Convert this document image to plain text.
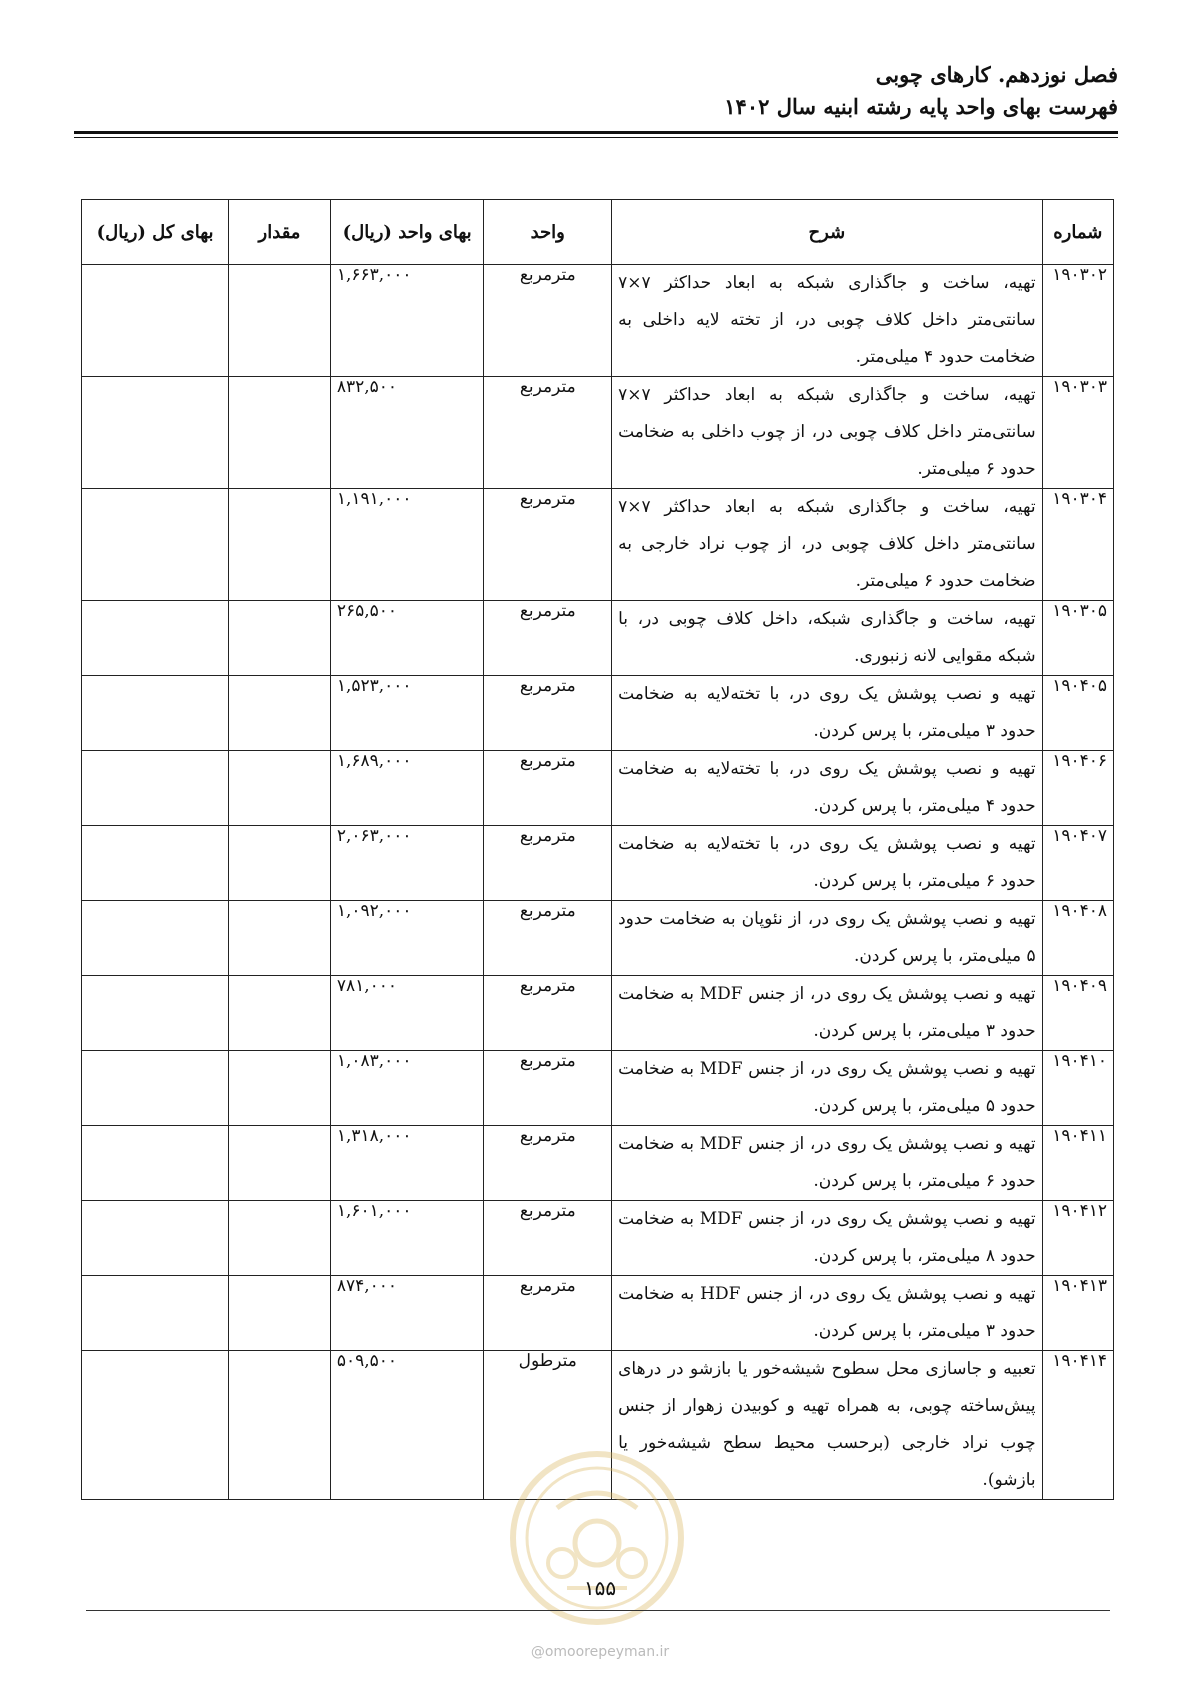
فصل نوزدهم. کارهای چوبی
فهرست بهای واحد پایه رشته ابنیه سال ۱۴۰۲
شماره	شرح	واحد	بهای واحد (ریال)	مقدار	بهای کل (ریال)
۱۹۰۳۰۲	تهیه، ساخت و جاگذاری شبکه به ابعاد حداکثر ۷×۷ سانتی‌متر داخل کلاف چوبی در، از تخته لایه داخلی به ضخامت حدود ۴ میلی‌متر.	مترمربع	۱,۶۶۳,۰۰۰		
۱۹۰۳۰۳	تهیه، ساخت و جاگذاری شبکه به ابعاد حداکثر ۷×۷ سانتی‌متر داخل کلاف چوبی در، از چوب داخلی به ضخامت حدود ۶ میلی‌متر.	مترمربع	۸۳۲,۵۰۰		
۱۹۰۳۰۴	تهیه، ساخت و جاگذاری شبکه به ابعاد حداکثر ۷×۷ سانتی‌متر داخل کلاف چوبی در، از چوب نراد خارجی به ضخامت حدود ۶ میلی‌متر.	مترمربع	۱,۱۹۱,۰۰۰		
۱۹۰۳۰۵	تهیه، ساخت و جاگذاری شبکه، داخل کلاف چوبی در، با شبکه مقوایی لانه زنبوری.	مترمربع	۲۶۵,۵۰۰		
۱۹۰۴۰۵	تهیه و نصب پوشش یک روی در، با تخته‌لایه به ضخامت حدود ۳ میلی‌متر، با پرس کردن.	مترمربع	۱,۵۲۳,۰۰۰		
۱۹۰۴۰۶	تهیه و نصب پوشش یک روی در، با تخته‌لایه به ضخامت حدود ۴ میلی‌متر، با پرس کردن.	مترمربع	۱,۶۸۹,۰۰۰		
۱۹۰۴۰۷	تهیه و نصب پوشش یک روی در، با تخته‌لایه به ضخامت حدود ۶ میلی‌متر، با پرس کردن.	مترمربع	۲,۰۶۳,۰۰۰		
۱۹۰۴۰۸	تهیه و نصب پوشش یک روی در، از نئوپان به ضخامت حدود ۵ میلی‌متر، با پرس کردن.	مترمربع	۱,۰۹۲,۰۰۰		
۱۹۰۴۰۹	تهیه و نصب پوشش یک روی در، از جنس MDF به ضخامت حدود ۳ میلی‌متر، با پرس کردن.	مترمربع	۷۸۱,۰۰۰		
۱۹۰۴۱۰	تهیه و نصب پوشش یک روی در، از جنس MDF به ضخامت حدود ۵ میلی‌متر، با پرس کردن.	مترمربع	۱,۰۸۳,۰۰۰		
۱۹۰۴۱۱	تهیه و نصب پوشش یک روی در، از جنس MDF به ضخامت حدود ۶ میلی‌متر، با پرس کردن.	مترمربع	۱,۳۱۸,۰۰۰		
۱۹۰۴۱۲	تهیه و نصب پوشش یک روی در، از جنس MDF به ضخامت حدود ۸ میلی‌متر، با پرس کردن.	مترمربع	۱,۶۰۱,۰۰۰		
۱۹۰۴۱۳	تهیه و نصب پوشش یک روی در، از جنس HDF به ضخامت حدود ۳ میلی‌متر، با پرس کردن.	مترمربع	۸۷۴,۰۰۰		
۱۹۰۴۱۴	تعبیه و جاسازی محل سطوح شیشه‌خور یا بازشو در درهای پیش‌ساخته چوبی، به همراه تهیه و کوبیدن زهوار از جنس چوب نراد خارجی (برحسب محیط سطح شیشه‌خور یا بازشو).	مترطول	۵۰۹,۵۰۰		
۱۵۵
@omoorepeyman.ir
